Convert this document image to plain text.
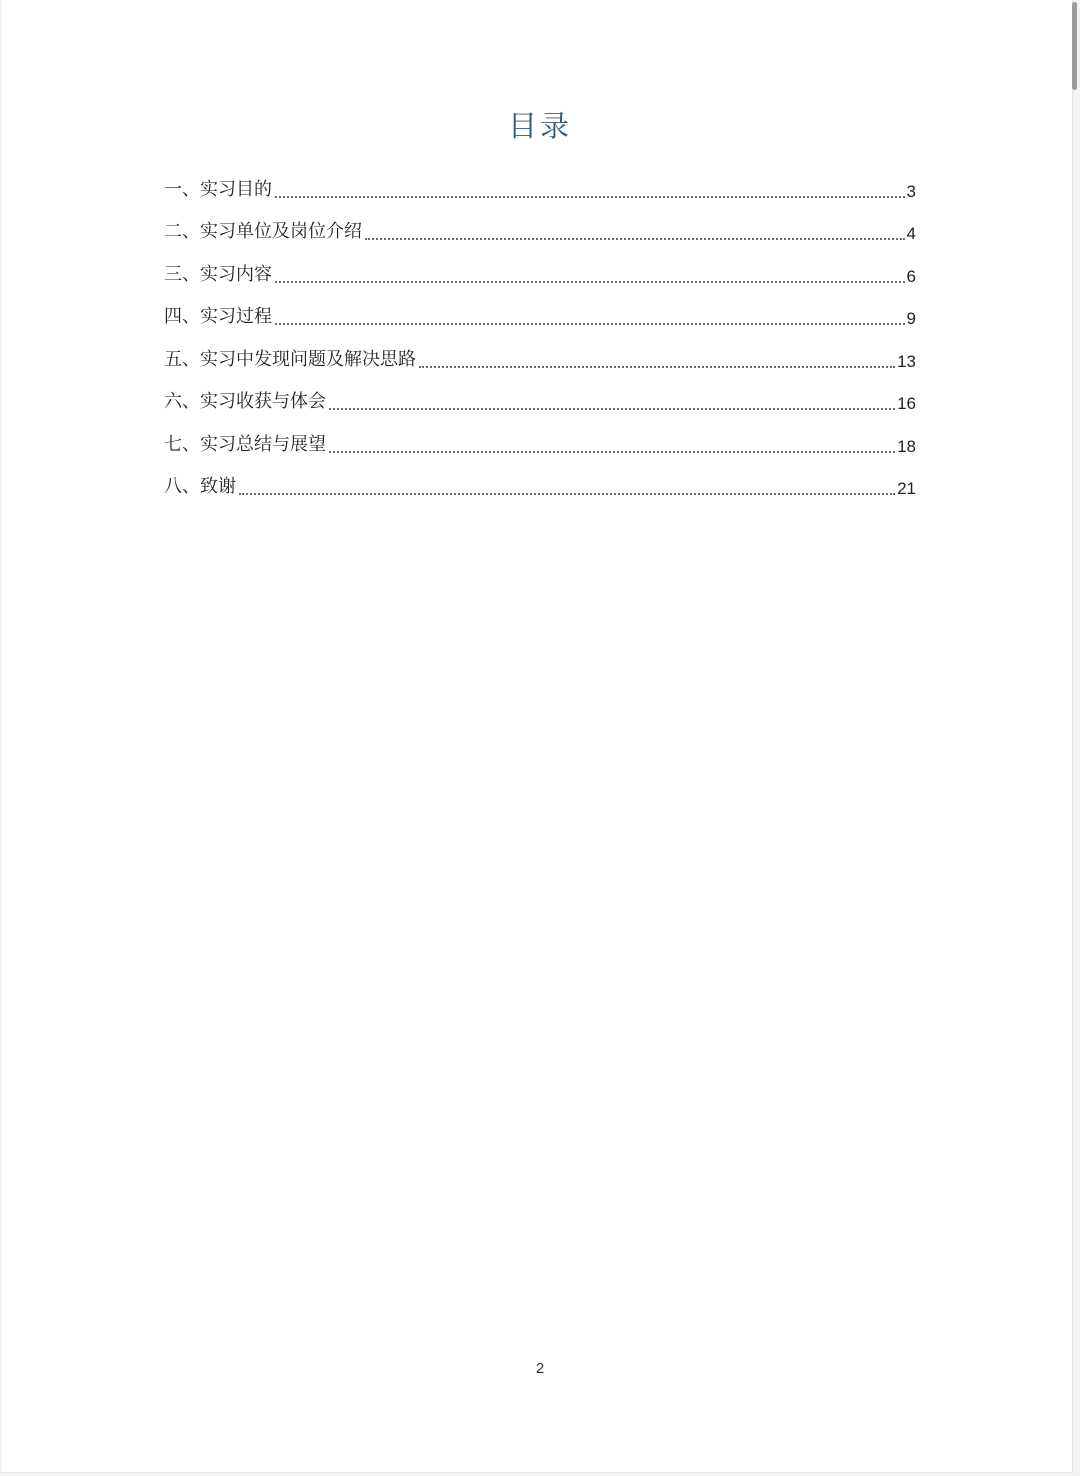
目录
一、实习目的	3
二、实习单位及岗位介绍	4
三、实习内容	6
四、实习过程	9
五、实习中发现问题及解决思路	13
六、实习收获与体会	16
七、实习总结与展望	18
八、致谢	21
2
